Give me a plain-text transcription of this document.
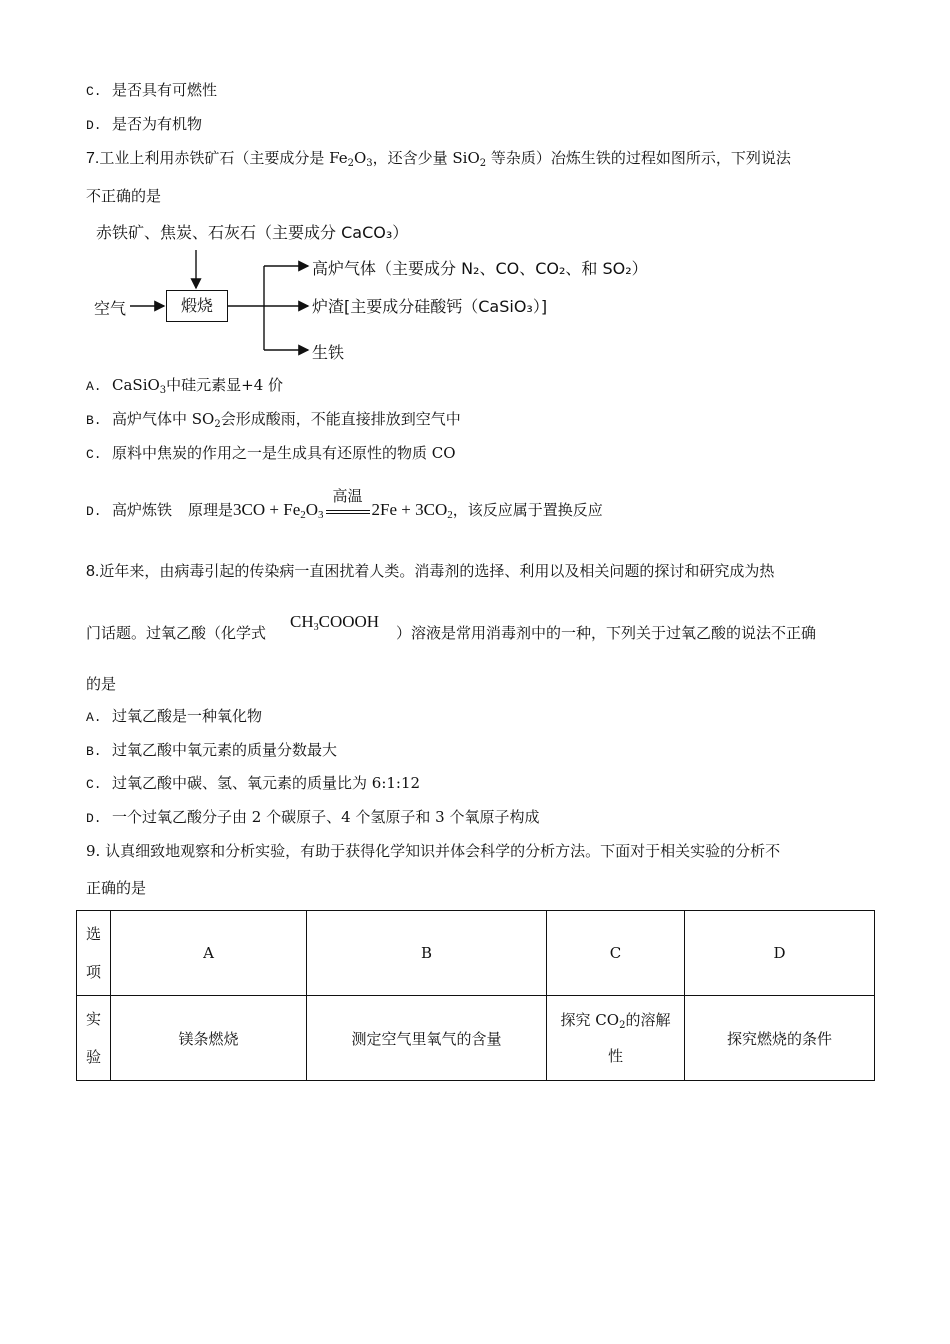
C. 是否具有可燃性
D. 是否为有机物
7.工业上利用赤铁矿石（主要成分是 $Fe_2O_3$，还含少量 SiO$_2$ 等杂质）冶炼生铁的过程如图所示，下列说法
不正确的是
赤铁矿、焦炭、石灰石（主要成分 CaCO₃）
空气	煅烧
高炉气体（主要成分 N₂、CO、CO₂、和 SO₂）
炉渣[主要成分硅酸钙（CaSiO₃）]
生铁
A. CaSiO$_3$中硅元素显+4 价
B. 高炉气体中 $SO_2$会形成酸雨，不能直接排放到空气中
C. 原料中焦炭的作用之一是生成具有还原性的物质 CO
D. 高炉炼铁 原理是$3CO + Fe_2O_3$
高温
$2Fe + 3CO_2$，该反应属于置换反应
8.近年来，由病毒引起的传染病一直困扰着人类。消毒剂的选择、利用以及相关问题的探讨和研究成为热
门话题。过氧乙酸（化学式
$CH_3COOOH$
）溶液是常用消毒剂中的一种，下列关于过氧乙酸的说法不正确
的是
A. 过氧乙酸是一种氧化物
B. 过氧乙酸中氧元素的质量分数最大
C. 过氧乙酸中碳、氢、氧元素的质量比为 6:1:12
D. 一个过氧乙酸分子由 2 个碳原子、4 个氢原子和 3 个氧原子构成
9. 认真细致地观察和分析实验，有助于获得化学知识并体会科学的分析方法。下面对于相关实验的分析不
正确的是
选
项	A	B	C	D
实
验	镁条燃烧	测定空气里氧气的含量	探究 $CO_2$的溶解
性	探究燃烧的条件
